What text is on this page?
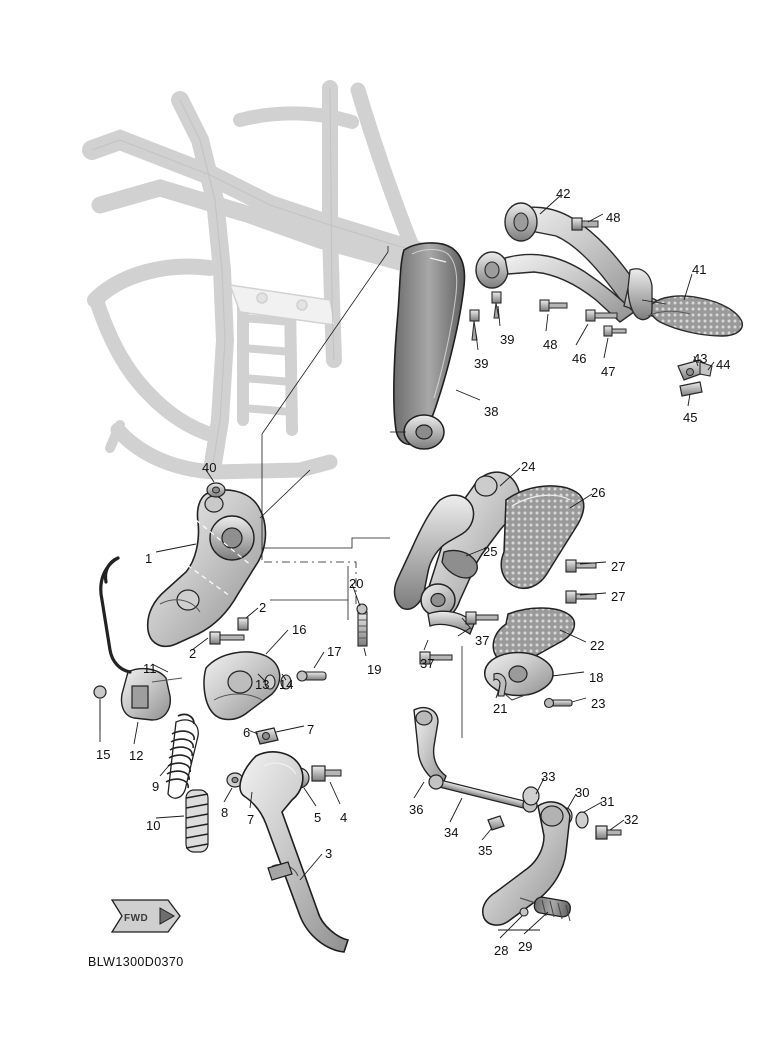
FWD
BLW1300D0370
42
48
41
39 48
46
47
43 44
39
45
38
24
26
40
25
1
27
27
20
2
16
37	22
19
2	17
11
18
37
13 14
23
21
15 12
6	7
9
8 7	5 4
33
30
31
32
36
34
35
10
3
28 29
